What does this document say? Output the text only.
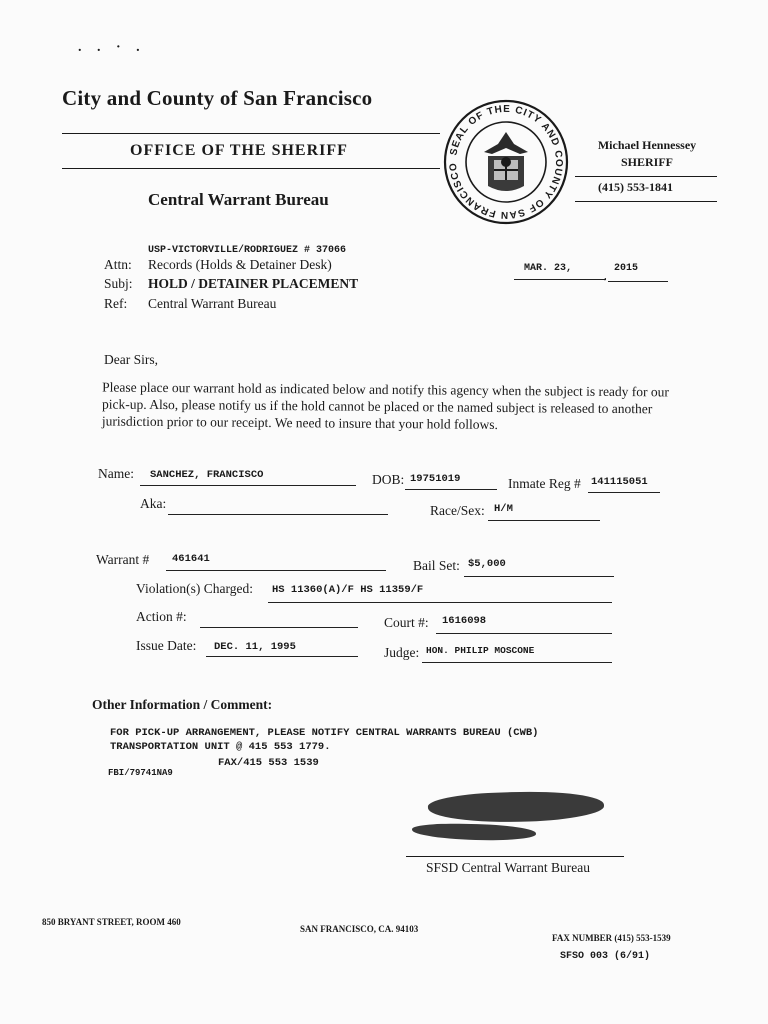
. . · .
City and County of San Francisco
OFFICE OF THE SHERIFF
Central Warrant Bureau
SEAL OF THE CITY AND COUNTY OF SAN FRANCISCO
Michael Hennessey
SHERIFF
(415) 553-1841
USP-VICTORVILLE/RODRIGUEZ # 37066
Attn: Records (Holds & Detainer Desk)
Subj: HOLD / DETAINER PLACEMENT
Ref: Central Warrant Bureau
MAR. 23,
,
2015
Dear Sirs,
Please place our warrant hold as indicated below and notify this agency when the subject is ready for our pick-up. Also, please notify us if the hold cannot be placed or the named subject is released to another jurisdiction prior to our receipt. We need to insure that your hold follows.
Name: SANCHEZ, FRANCISCO	DOB: 19751019	Inmate Reg # 141115051
Aka:	Race/Sex: H/M
Warrant # 461641	Bail Set: $5,000
Violation(s) Charged: HS 11360(A)/F HS 11359/F
Action #:	Court #: 1616098
Issue Date: DEC. 11, 1995	Judge: HON. PHILIP MOSCONE
Other Information / Comment:
FOR PICK-UP ARRANGEMENT, PLEASE NOTIFY CENTRAL WARRANTS BUREAU (CWB)
TRANSPORTATION UNIT @ 415 553 1779.
FAX/415 553 1539
FBI/79741NA9
SFSD Central Warrant Bureau
850 BRYANT STREET, ROOM 460
SAN FRANCISCO, CA. 94103
FAX NUMBER (415) 553-1539
SFSO 003 (6/91)
